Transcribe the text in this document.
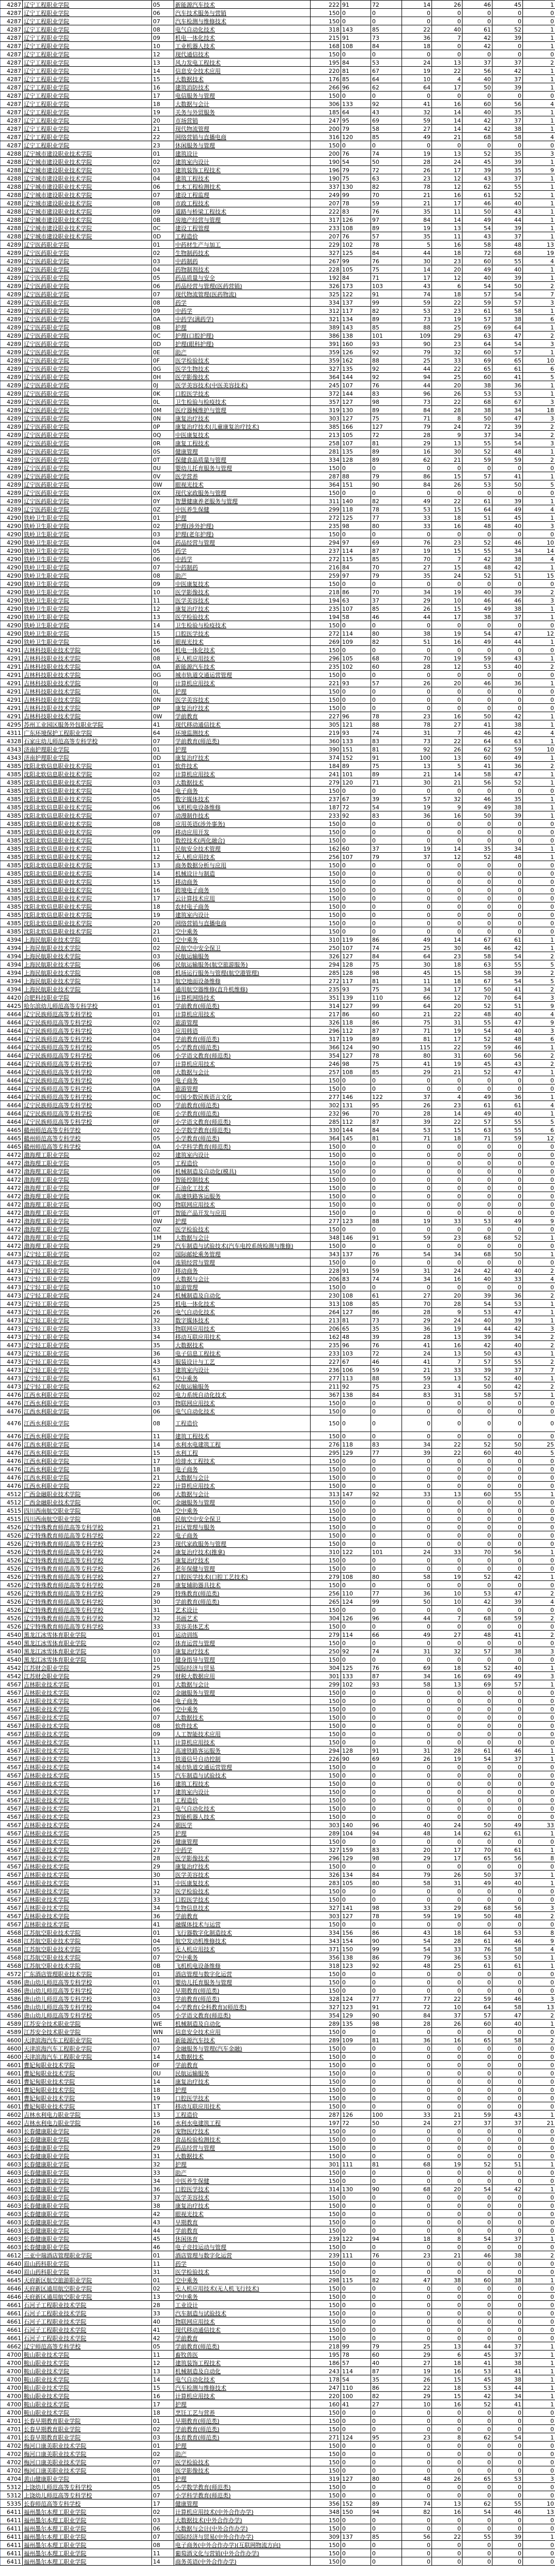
4287	辽宁工程职业学院	05	新能源汽车技术	222	91	72	14	26	46	45	1
4287	辽宁工程职业学院	06	汽车技术服务与营销	150	0	0	0	0	0	0	0
4287	辽宁工程职业学院	07	汽车检测与维修技术	150	0	0	0	0	0	0	0
4287	辽宁工程职业学院	08	电气自动化技术	318	143	85	22	40	61	52	1
4287	辽宁工程职业学院	09	机电一体化技术	215	91	73	36	7	42	39	1
4287	辽宁工程职业学院	10	工业机器人技术	168	108	84	18	0	42	0	1
4287	辽宁工程职业学院	12	现代通信技术	150	0	0	0	0	0	0	0
4287	辽宁工程职业学院	13	风力发电工程技术	195	84	53	24	13	37	37	2
4287	辽宁工程职业学院	14	信息安全技术应用	220	81	67	19	22	56	42	1
4287	辽宁工程职业学院	15	大数据技术	176	85	64	10	4	40	37	1
4287	辽宁工程职业学院	16	建筑消防技术	266	96	62	64	17	50	39	1
4287	辽宁工程职业学院	17	电信服务与管理	150	0	0	0	0	0	0	0
4287	辽宁工程职业学院	18	大数据与会计	306	133	92	41	16	60	56	4
4287	辽宁工程职业学院	19	关务与外贸服务	185	64	43	32	14	40	35	1
4287	辽宁工程职业学院	20	市场营销	247	95	69	59	14	42	37	1
4287	辽宁工程职业学院	21	现代物流管理	200	79	58	27	14	42	38	1
4287	辽宁工程职业学院	22	网络营销与直播电商	316	120	85	49	21	68	58	4
4287	辽宁工程职业学院	23	休闲服务与管理	150	0	0	0	0	0	0	0
4288	辽宁城市建设职业技术学院	01	建筑设计	200	76	74	19	13	52	35	3
4288	辽宁城市建设职业技术学院	02	建筑室内设计	190	54	50	28	24	45	39	1
4288	辽宁城市建设职业技术学院	03	建筑装饰工程技术	196	79	72	26	17	39	35	9
4288	辽宁城市建设职业技术学院	04	建筑工程技术	190	75	63	23	12	43	37	1
4288	辽宁城市建设职业技术学院	06	土木工程检测技术	337	130	82	78	12	62	55	1
4288	辽宁城市建设职业技术学院	07	建设工程监理	249	99	70	21	16	61	52	1
4288	辽宁城市建设职业技术学院	08	市政工程技术	207	78	59	21	17	46	40	1
4288	辽宁城市建设职业技术学院	09	道路与桥梁工程技术	222	83	76	35	11	50	43	1
4288	辽宁城市建设职业技术学院	0B	房地产经营与管理	317	126	97	84	14	49	44	1
4288	辽宁城市建设职业技术学院	0C	建设工程管理	233	108	89	19	13	54	39	1
4288	辽宁城市建设职业技术学院	0D	工程造价	207	76	57	35	11	43	37	1
4289	辽宁医药职业学院	01	中药材生产与加工	229	102	78	5	16	58	48	13
4289	辽宁医药职业学院	02	生物制药技术	327	125	84	44	18	72	68	19
4289	辽宁医药职业学院	03	中药制药	267	99	76	30	23	60	55	4
4289	辽宁医药职业学院	04	药物制剂技术	228	105	75	14	20	49	40	1
4289	辽宁医药职业学院	05	药品质量与安全	192	84	71	17	12	40	39	1
4289	辽宁医药职业学院	06	药品经营与管理(医药营销)	326	173	103	43	6	54	50	2
4289	辽宁医药职业学院	07	现代物流管理(医药物流)	325	122	91	74	18	57	54	7
4289	辽宁医药职业学院	08	药学	334	137	99	59	22	59	57	3
4289	辽宁医药职业学院	09	中药学	312	117	82	53	23	61	58	1
4289	辽宁医药职业学院	0A	中药学(满药学)	321	134	89	73	19	57	38	6
4289	辽宁医药职业学院	0B	护理	389	143	85	88	25	69	64	1
4289	辽宁医药职业学院	0C	护理(口腔护理)	386	138	101	109	29	63	47	2
4289	辽宁医药职业学院	0D	护理(眼科护理)	391	160	93	90	23	64	54	3
4289	辽宁医药职业学院	0E	助产	359	126	92	79	32	60	57	1
4289	辽宁医药职业学院	0F	医学检验技术	359	162	88	25	33	69	65	10
4289	辽宁医药职业学院	0G	医学生物技术	327	135	92	44	22	65	61	6
4289	辽宁医药职业学院	0H	医学影像技术	364	144	92	94	25	60	41	5
4289	辽宁医药职业学院	0J	医学美容技术(中医美容技术)	245	107	76	44	20	38	36	1
4289	辽宁医药职业学院	0K	口腔医学技术	372	144	83	96	26	53	53	1
4289	辽宁医药职业学院	0L	卫生检验与检疫技术	357	127	98	73	22	68	67	3
4289	辽宁医药职业学院	0M	医疗器械维护与管理	319	130	89	84	28	38	34	18
4289	辽宁医药职业学院	0N	康复治疗技术	303	127	75	71	8	50	47	3
4289	辽宁医药职业学院	0P	康复治疗技术(儿童康复治疗技术)	385	166	127	79	24	72	39	2
4289	辽宁医药职业学院	0Q	中医康复技术	213	105	72	28	9	37	34	2
4289	辽宁医药职业学院	0R	康复工程技术	258	107	81	29	13	55	54	3
4289	辽宁医药职业学院	0S	健康管理	281	135	89	16	30	52	48	1
4289	辽宁医药职业学院	0T	保健食品质量与管理	334	128	89	62	21	59	59	2
4289	辽宁医药职业学院	0U	婴幼儿托育服务与管理	150	0	0	0	0	0	0	0
4289	辽宁医药职业学院	0V	医学营养	287	88	79	86	15	57	41	1
4289	辽宁医药职业学院	0W	眼视光技术	364	151	90	84	26	53	50	5
4289	辽宁医药职业学院	0X	现代家政服务与管理	150	0	0	0	0	0	0	0
4289	辽宁医药职业学院	0Y	智慧健康养老服务与管理	311	140	82	49	22	61	39	1
4289	辽宁医药职业学院	0Z	中医养生保健	299	118	78	53	15	64	49	4
4290	铁岭卫生职业学院	01	护理	272	125	77	33	18	51	45	1
4290	铁岭卫生职业学院	02	护理(涉外护理)	235	98	80	33	16	48	40	3
4290	铁岭卫生职业学院	03	护理(老年护理)	150	0	0	0	0	0	0	0
4290	铁岭卫生职业学院	04	药品经营与管理	294	97	69	76	23	52	46	10
4290	铁岭卫生职业学院	05	药学	237	114	87	19	15	55	34	14
4290	铁岭卫生职业学院	06	中药学	272	115	85	70	7	42	38	4
4290	铁岭卫生职业学院	07	中药制药	216	84	70	27	15	48	42	1
4290	铁岭卫生职业学院	08	助产	259	97	79	35	24	52	51	15
4290	铁岭卫生职业学院	09	中医康复技术	150	0	0	0	0	0	0	0
4290	铁岭卫生职业学院	10	医学影像技术	218	86	70	34	19	40	39	2
4290	铁岭卫生职业学院	11	医学美容技术	194	63	37	29	10	46	46	3
4290	铁岭卫生职业学院	12	康复治疗技术	235	107	85	26	15	49	38	1
4290	铁岭卫生职业学院	13	医学检验技术	194	58	46	44	17	38	37	1
4290	铁岭卫生职业学院	14	卫生检验与检疫技术	150	0	0	0	0	0	0	0
4290	铁岭卫生职业学院	15	口腔医学技术	272	114	80	38	19	54	47	12
4290	铁岭卫生职业学院	16	眼视光技术	269	109	82	51	16	49	44	1
4291	吉林科技职业技术学院	06	机电一体化技术	150	0	0	0	0	0	0	0
4291	吉林科技职业技术学院	08	无人机应用技术	296	105	68	70	19	59	43	1
4291	吉林科技职业技术学院	0A	新能源汽车技术	235	102	60	28	12	53	40	2
4291	吉林科技职业技术学院	0G	城市轨道交通运营管理	150	0	0	0	0	0	0	0
4291	吉林科技职业技术学院	0J	计算机应用技术	221	93	57	26	20	46	36	1
4291	吉林科技职业技术学院	0L	护理	150	0	0	0	0	0	0	0
4291	吉林科技职业技术学院	0N	医学美容技术	150	0	0	0	0	0	0	0
4291	吉林科技职业技术学院	0P	康复治疗技术	150	0	0	0	0	0	0	0
4291	吉林科技职业技术学院	0W	学前教育	227	96	78	23	16	50	42	1
4295	苏州工业园区服务外包职业学院	41	现代移动通信技术	305	121	88	78	27	41	38	1
4311	广东环境保护工程职业学院	64	环境监测技术	219	93	74	31	7	46	42	4
4328	石家庄幼儿师范高等专科学校	07	学前教育(师范类)	360	133	83	73	22	64	63	1
4343	济南护理职业学院	01	护理	390	151	81	92	26	62	59	10
4343	济南护理职业学院	0D	康复治疗技术	374	152	91	100	13	60	49	1
4385	沈阳北软信息职业技术学院	01	软件技术	184	89	75	13	5	41	36	2
4385	沈阳北软信息职业技术学院	02	计算机应用技术	241	101	89	21	14	58	47	1
4385	沈阳北软信息职业技术学院	03	大数据技术	279	120	71	30	21	56	52	1
4385	沈阳北软信息职业技术学院	04	电子商务	150	0	0	0	0	0	0	0
4385	沈阳北软信息职业技术学院	05	数字媒体技术	237	67	39	57	32	46	35	1
4385	沈阳北软信息职业技术学院	06	飞机机电设备维修	187	72	54	19	9	49	38	1
4385	沈阳北软信息职业技术学院	07	动漫制作技术	233	92	83	36	16	50	39	1
4385	沈阳北软信息职业技术学院	08	应用英语(涉外事务)	150	0	0	0	0	0	0	0
4385	沈阳北软信息职业技术学院	09	移动应用开发	150	0	0	0	0	0	0	0
4385	沈阳北软信息职业技术学院	10	数控技术(两化融合)	150	0	0	0	0	0	0	0
4385	沈阳北软信息职业技术学院	11	民航安全技术管理	162	60	37	19	14	35	34	1
4385	沈阳北软信息职业技术学院	12	无人机应用技术	256	107	79	37	12	52	48	1
4385	沈阳北软信息职业技术学院	13	商务数据分析与应用	150	0	0	0	0	0	0	0
4385	沈阳北软信息职业技术学院	14	机械设计与制造	150	0	0	0	0	0	0	0
4385	沈阳北软信息职业技术学院	15	移动商务	150	0	0	0	0	0	0	0
4385	沈阳北软信息职业技术学院	16	跨境电子商务	150	0	0	0	0	0	0	0
4385	沈阳北软信息职业技术学院	17	云计算技术应用	150	0	0	0	0	0	0	0
4385	沈阳北软信息职业技术学院	18	农村电子商务	150	0	0	0	0	0	0	0
4385	沈阳北软信息职业技术学院	19	建筑室内设计	150	0	0	0	0	0	0	0
4385	沈阳北软信息职业技术学院	20	网络营销与直播电商	150	0	0	0	0	0	0	0
4385	沈阳北软信息职业技术学院	21	空中乘务	150	0	0	0	0	0	0	0
4394	上海民航职业技术学院	01	空中乘务	310	119	86	49	14	67	61	1
4394	上海民航职业技术学院	02	民航空中安全保卫	250	107	74	25	30	46	42	1
4394	上海民航职业技术学院	03	民航运输服务	326	127	84	64	23	58	54	2
4394	上海民航职业技术学院	06	民航运输服务(航空旅游服务)	294	128	75	30	18	63	55	5
4394	上海民航职业技术学院	08	机场运行服务与管理(航空港管理)	285	128	98	45	15	58	39	2
4394	上海民航职业技术学院	13	航空地面设备维修	272	117	81	11	18	67	54	5
4394	上海民航职业技术学院	14	通用航空器维修(直升机维修)	235	93	75	34	17	50	41	2
4420	合肥科技职业学院	16	计算机网络技术	351	139	110	66	12	70	64	3
4425	哈尔滨幼儿师范高等专科学校	01	学前教育(师范类)	314	127	99	64	20	52	51	9
4464	辽宁民族师范高等专科学校	01	计算机应用技术	217	86	60	21	22	48	40	4
4464	辽宁民族师范高等专科学校	02	旅游管理	326	118	86	75	31	55	47	9
4464	辽宁民族师范高等专科学校	03	应用韩语	296	112	87	71	19	54	40	3
4464	辽宁民族师范高等专科学校	04	学前教育(师范类)	317	119	89	81	17	52	48	6
4464	辽宁民族师范高等专科学校	05	小学教育(师范类)	366	124	90	115	22	59	46	1
4464	辽宁民族师范高等专科学校	06	小学语文教育(师范类)	354	127	78	80	31	60	56	2
4464	辽宁民族师范高等专科学校	07	计算机应用技术	246	98	75	41	19	45	43	2
4464	辽宁民族师范高等专科学校	08	大数据与会计	257	108	85	29	21	52	47	1
4464	辽宁民族师范高等专科学校	09	电子商务	150	0	0	0	0	0	0	0
4464	辽宁民族师范高等专科学校	0A	旅游管理	150	0	0	0	0	0	0	0
4464	辽宁民族师范高等专科学校	0C	中国少数民族语言文化	277	146	122	37	4	49	36	1
4464	辽宁民族师范高等专科学校	0D	学前教育(师范类)	302	131	95	26	23	61	61	4
4464	辽宁民族师范高等专科学校	0E	小学教育(师范类)	232	96	70	28	14	49	40	1
4464	辽宁民族师范高等专科学校	0F	小学语文教育(师范类)	285	112	87	39	22	57	55	5
4465	赣州师范高等专科学校	02	小学数学教育(师范类)	330	144	84	53	15	63	55	6
4465	赣州师范高等专科学校	05	小学教育(师范类)	364	145	81	71	18	71	59	12
4465	赣州师范高等专科学校	0A	小学科学教育(师范类)	150	0	0	0	0	0	0	0
4472	渤海理工职业学院	02	建筑室内设计	150	0	0	0	0	0	0	0
4472	渤海理工职业学院	05	工程造价	150	0	0	0	0	0	0	0
4472	渤海理工职业学院	06	机械制造及自动化(模具)	150	0	0	0	0	0	0	0
4472	渤海理工职业学院	09	智能控制技术	150	0	0	0	0	0	0	0
4472	渤海理工职业学院	0F	石油化工技术	150	0	0	0	0	0	0	0
4472	渤海理工职业学院	0K	高速铁路客运服务	150	0	0	0	0	0	0	0
4472	渤海理工职业学院	0Q	物联网应用技术	150	0	0	0	0	0	0	0
4472	渤海理工职业学院	0T	智能产品开发与应用	150	0	0	0	0	0	0	0
4472	渤海理工职业学院	0W	护理	277	123	88	19	33	53	49	9
4472	渤海理工职业学院	0Z	医学检验技术	150	0	0	0	0	0	0	0
4472	渤海理工职业学院	1M	大数据与会计	348	146	91	59	23	68	52	1
4472	渤海理工职业学院	29	汽车制造与试验技术(汽车电控系统检测与维修)	150	0	0	0	0	0	0	0
4473	辽宁轻工职业学院	02	国际邮轮乘务管理	343	137	76	54	34	68	50	1
4473	辽宁轻工职业学院	04	连锁经营与管理	150	0	0	0	0	0	0	0
4473	辽宁轻工职业学院	07	移动商务	228	91	59	31	24	42	40	2
4473	辽宁轻工职业学院	09	大数据与会计	206	83	74	34	16	40	33	4
4473	辽宁轻工职业学院	10	旅游管理	150	0	0	0	0	0	0	0
4473	辽宁轻工职业学院	24	机械制造及自动化	230	108	61	27	20	39	36	2
4473	辽宁轻工职业学院	25	机电一体化技术	313	108	85	70	28	54	53	1
4473	辽宁轻工职业学院	26	电气自动化技术	264	127	86	28	9	53	47	1
4473	辽宁轻工职业学院	32	数字媒体技术	213	81	73	29	24	40	39	1
4473	辽宁轻工职业学院	33	物联网应用技术	206	65	35	36	19	44	42	3
4473	辽宁轻工职业学院	34	移动互联应用技术	162	48	39	28	13	39	34	2
4473	辽宁轻工职业学院	35	大数据技术	235	96	76	41	16	42	40	2
4473	辽宁轻工职业学院	36	电子信息工程技术	233	103	72	24	13	50	43	1
4473	辽宁轻工职业学院	43	服装设计与工艺	227	67	46	41	7	57	55	2
4473	辽宁轻工职业学院	53	建筑室内设计	236	106	59	21	33	39	37	7
4473	辽宁轻工职业学院	61	空中乘务	277	113	88	59	13	52	40	1
4473	辽宁轻工职业学院	62	民航运输服务	211	92	75	23	4	50	42	2
4476	江西水利职业学院	02	电力系统自动化技术	367	138	84	83	31	58	57	1
4476	江西水利职业学院	03	物联网应用技术	150	0	0	0	0	0	0	0
4476	江西水利职业学院	06	电气自动化技术	150	0	0	0	0	0	0	0
4476	江西水利职业学院	08	工程造价	150	0	0	0	0	0	0	0
4476	江西水利职业学院	11	建筑工程技术	150	0	0	0	0	0	0	0
4476	江西水利职业学院	14	水利水电建筑工程	276	118	83	34	22	52	50	25
4476	江西水利职业学院	15	水利工程	295	129	77	39	22	60	40	5
4476	江西水利职业学院	17	给排水工程技术	150	0	0	0	0	0	0	0
4476	江西水利职业学院	18	电子商务	150	0	0	0	0	0	0	0
4476	江西水利职业学院	21	大数据与会计	150	0	0	0	0	0	0	0
4476	江西水利职业学院	22	计算机应用技术	150	0	0	0	0	0	0	0
4512	广西金融职业技术学院	06	大数据与会计	313	147	92	33	13	60	55	1
4512	广西金融职业技术学院	0C	金融服务与管理	150	0	0	0	0	0	0	0
4515	四川西南航空职业学院	0A	空中乘务	150	0	0	0	0	0	0	0
4515	四川西南航空职业学院	0B	民航空中安全保卫	150	0	0	0	0	0	0	0
4526	辽宁特殊教育师范高等专科学校	21	社区管理与服务	150	0	0	0	0	0	0	0
4526	辽宁特殊教育师范高等专科学校	22	电子商务	150	0	0	0	0	0	0	0
4526	辽宁特殊教育师范高等专科学校	23	现代家政服务与管理	150	0	0	0	0	0	0	0
4526	辽宁特殊教育师范高等专科学校	24	康复治疗技术(推拿)	310	122	101	24	33	70	56	1
4526	辽宁特殊教育师范高等专科学校	25	康复治疗技术	150	0	0	0	0	0	0	0
4526	辽宁特殊教育师范高等专科学校	26	老年保健与管理	150	0	0	0	0	0	0	0
4526	辽宁特殊教育师范高等专科学校	27	口腔医学技术(口腔工艺技术)	279	108	80	58	19	52	42	1
4526	辽宁特殊教育师范高等专科学校	28	康复辅助器具技术	150	0	0	0	0	0	0	0
4526	辽宁特殊教育师范高等专科学校	29	特殊教育(师范类)	256	110	77	36	10	53	47	2
4526	辽宁特殊教育师范高等专科学校	30	学前教育(师范类)	265	124	99	50	10	42	39	4
4526	辽宁特殊教育师范高等专科学校	31	艺术设计	150	0	0	0	0	0	0	0
4526	辽宁特殊教育师范高等专科学校	32	书画艺术	304	126	96	44	7	68	59	2
4526	辽宁特殊教育师范高等专科学校	33	美容美体艺术	150	0	0	0	0	0	0	0
4540	黑龙江冰雪体育职业学院	01	运动训练	279	114	66	49	27	48	41	2
4540	黑龙江冰雪体育职业学院	02	体育运营与管理	150	0	0	0	0	0	0	0
4540	黑龙江冰雪体育职业学院	03	康复治疗技术	250	92	74	31	32	57	38	3
4540	黑龙江冰雪体育职业学院	10	健身指导与管理	150	0	0	0	0	0	0	0
4542	江苏财会职业学院	25	国际经济与贸易	304	125	76	69	18	52	40	1
4542	江苏财会职业学院	29	财税大数据应用	301	133	87	34	16	69	49	3
4567	吉林职业技术学院	01	大数据与会计	299	102	93	58	13	69	57	1
4567	吉林职业技术学院	02	金融服务与管理	150	0	0	0	0	0	0	0
4567	吉林职业技术学院	04	电子商务	150	0	0	0	0	0	0	0
4567	吉林职业技术学院	06	空中乘务	150	0	0	0	0	0	0	0
4567	吉林职业技术学院	07	大数据技术	150	0	0	0	0	0	0	0
4567	吉林职业技术学院	08	软件技术	150	0	0	0	0	0	0	0
4567	吉林职业技术学院	09	人工智能技术应用	150	0	0	0	0	0	0	0
4567	吉林职业技术学院	11	计算机应用技术	150	0	0	0	0	0	0	0
4567	吉林职业技术学院	12	高速铁路客运服务	294	128	91	31	28	61	46	1
4567	吉林职业技术学院	13	铁道信号自动控制	226	90	69	26	19	54	37	1
4567	吉林职业技术学院	14	城市轨道交通运营管理	150	0	0	0	0	0	0	0
4567	吉林职业技术学院	15	汽车制造与试验技术	150	0	0	0	0	0	0	0
4567	吉林职业技术学院	16	建筑工程技术	150	0	0	0	0	0	0	0
4567	吉林职业技术学院	17	建筑室内设计	150	0	0	0	0	0	0	0
4567	吉林职业技术学院	18	工程造价	150	0	0	0	0	0	0	0
4567	吉林职业技术学院	21	电气自动化技术	150	0	0	0	0	0	0	0
4567	吉林职业技术学院	23	智能机器人技术	150	0	0	0	0	0	0	0
4567	吉林职业技术学院	24	朝医学	303	140	96	40	24	50	49	33
4567	吉林职业技术学院	25	护理	289	104	94	48	14	62	61	1
4567	吉林职业技术学院	26	健康管理	150	0	0	0	0	0	0	0
4567	吉林职业技术学院	27	中药学	327	159	83	20	17	70	61	1
4567	吉林职业技术学院	28	医学影像技术	296	129	98	29	17	65	56	8
4567	吉林职业技术学院	29	康复治疗技术	150	0	0	0	0	0	0	0
4567	吉林职业技术学院	30	医学美容技术	326	134	84	79	26	50	37	1
4567	吉林职业技术学院	31	中医康复技术	283	105	80	58	31	49	40	1
4567	吉林职业技术学院	32	医学检验技术	150	0	0	0	0	0	0	0
4567	吉林职业技术学院	33	口腔医学技术	150	0	0	0	0	0	0	0
4567	吉林职业技术学院	34	生物信息技术	327	141	98	33	29	68	56	3
4567	吉林职业技术学院	36	学前教育	303	127	78	59	19	50	48	2
4567	吉林职业技术学院	41	融媒体技术与运营	150	0	0	0	0	0	0	0
4568	江苏航空职业技术学院	01	飞行器数字化制造技术	334	156	86	43	18	64	53	8
4568	江苏航空职业技术学院	04	航空发动机维修技术	343	154	90	54	28	61	46	9
4568	江苏航空职业技术学院	05	无人机应用技术	371	150	99	54	33	76	58	4
4568	江苏航空职业技术学院	07	空中乘务	356	138	86	79	36	53	50	1
4568	江苏航空职业技术学院	0B	飞机机电设备维修	318	123	92	48	25	61	61	1
4572	广东酒店管理职业技术学院	01	酒店管理与数字化运营	150	0	0	0	0	0	0	0
4586	唐山幼儿师范高等专科学校	01	婴幼儿托育服务与管理	150	0	0	0	0	0	0	0
4586	唐山幼儿师范高等专科学校	02	早期教育(师范类)	150	0	0	0	0	0	0	0
4586	唐山幼儿师范高等专科学校	03	学前教育(师范类)	328	124	77	77	22	59	46	3
4586	唐山幼儿师范高等专科学校	04	小学教育(全科教育)(师范类)	327	123	91	72	10	64	58	13
4586	唐山幼儿师范高等专科学校	05	小学语文教育(师范类)	354	129	90	84	37	57	47	2
4589	江苏安全技术职业学院	WE	机械制造及自动化	289	135	98	28	26	60	40	1
4589	江苏安全技术职业学院	WN	信息安全技术应用	150	0	0	0	0	0	0	0
4600	天津滨海汽车工程职业学院	01	新能源汽车技术	289	109	81	36	16	65	58	2
4600	天津滨海汽车工程职业学院	07	金融服务与管理(汽车金融)	150	0	0	0	0	0	0	0
4600	天津滨海汽车工程职业学院	14	大数据技术	150	0	0	0	0	0	0	0
4601	曹妃甸职业技术学院	0F	学前教育	150	0	0	0	0	0	0	0
4601	曹妃甸职业技术学院	0U	民航运输服务	150	0	0	0	0	0	0	0
4601	曹妃甸职业技术学院	14	康复治疗技术	150	0	0	0	0	0	0	0
4601	曹妃甸职业技术学院	18	护理	150	0	0	0	0	0	0	0
4601	曹妃甸职业技术学院	19	口腔医学技术	150	0	0	0	0	0	0	0
4601	曹妃甸职业技术学院	1T	移动互联应用技术	150	0	0	0	0	0	0	0
4602	吉林水利电力职业学院	13	工程造价	287	126	100	33	21	59	43	1
4602	吉林水利电力职业学院	16	水利水电建筑工程	197	72	50	24	27	37	37	21
4603	长春健康职业学院	26	宠物医疗技术	150	0	0	0	0	0	0	0
4603	长春健康职业学院	28	食品检验检测技术	150	0	0	0	0	0	0	0
4603	长春健康职业学院	29	药品经营与管理	150	0	0	0	0	0	0	0
4603	长春健康职业学院	31	大数据技术	150	0	0	0	0	0	0	0
4603	长春健康职业学院	32	护理	301	111	81	68	19	52	51	1
4603	长春健康职业学院	33	助产	150	0	0	0	0	0	0	0
4603	长春健康职业学院	34	中医养生保健	150	0	0	0	0	0	0	0
4603	长春健康职业学院	36	口腔医学技术	314	130	90	68	20	54	42	1
4603	长春健康职业学院	37	医学美容技术	150	0	0	0	0	0	0	0
4603	长春健康职业学院	38	康复治疗技术	150	0	0	0	0	0	0	0
4603	长春健康职业学院	42	眼视光技术	150	0	0	0	0	0	0	0
4603	长春健康职业学院	43	早期教育	150	0	0	0	0	0	0	0
4603	长春健康职业学院	44	学前教育	150	0	0	0	0	0	0	0
4603	长春健康职业学院	45	休闲体育	239	122	94	18	8	54	37	1
4603	长春健康职业学院	46	电子竞技运动与管理	150	0	0	0	0	0	0	0
4612	三亚中瑞酒店管理职业学院	01	酒店管理与数字化运营	239	111	76	23	21	46	38	2
4640	眉山药科职业学院	11	药学	150	0	0	0	0	0	0	0
4640	眉山药科职业学院	31	医学检验技术	150	0	0	0	0	0	0	0
4645	天府新区航空旅游职业学院	01	空中乘务	298	115	82	47	38	60	38	1
4646	天府新区通用航空职业学院	02	无人机应用技术(无人机飞行技术)	150	0	0	0	0	0	0	0
4646	天府新区通用航空职业学院	13	空中乘务	150	0	0	0	0	0	0	0
4661	石河子工程职业技术学院	28	工业设计	150	0	0	0	0	0	0	0
4661	石河子工程职业技术学院	33	汽车制造与试验技术	150	0	0	0	0	0	0	0
4661	石河子工程职业技术学院	40	物联网应用技术	150	0	0	0	0	0	0	0
4661	石河子工程职业技术学院	41	现代移动通信技术	150	0	0	0	0	0	0	0
4661	石河子工程职业技术学院	42	学前教育	150	0	0	0	0	0	0	0
4662	辽宁师范高等专科学校	05	学前教育(师范类)	218	99	79	25	13	44	37	1
4700	鞍山职业技术学院	11	畜牧兽医	195	78	60	29	6	45	37	1
4700	鞍山职业技术学院	12	建筑装饰工程技术	186	57	40	27	18	41	38	1
4700	鞍山职业技术学院	13	机械制造及自动化	243	114	87	19	16	53	41	1
4700	鞍山职业技术学院	14	电气自动化技术	178	54	35	26	15	45	38	1
4700	鞍山职业技术学院	15	汽车检测与维修技术	247	110	86	22	18	53	44	1
4700	鞍山职业技术学院	16	计算机应用技术	220	100	82	29	15	42	34	1
4700	鞍山职业技术学院	17	护理	160	41	27	10	16	52	41	1
4700	鞍山职业技术学院	18	烹饪工艺与营养	150	0	0	0	0	0	0	0
4701	长春早期教育职业学院	01	早期教育(师范类)	150	0	0	0	0	0	0	0
4701	长春早期教育职业学院	02	学前教育(师范类)	150	0	0	0	0	0	0	0
4701	长春早期教育职业学院	03	体育教育(师范类)	271	124	95	23	8	62	54	1
4702	梅河口康美职业技术学院	01	护理	150	0	0	0	0	0	0	0
4702	梅河口康美职业技术学院	02	助产	150	0	0	0	0	0	0	0
4702	梅河口康美职业技术学院	07	医学检验技术	150	0	0	0	0	0	0	0
4702	梅河口康美职业技术学院	08	医学影像技术	150	0	0	0	0	0	0	0
4704	黄山健康职业学院	01	护理	319	127	80	48	26	65	53	3
5312	上饶幼儿师范高等专科学校	05	小学数学教育(师范类)	150	0	0	0	0	0	0	0
5312	上饶幼儿师范高等专科学校	07	小学科学教育(师范类)	150	0	0	0	0	0	0	0
5335	长春师范高等专科学校	17	健康管理	356	152	89	74	13	62	55	10
6411	福州墨尔本理工职业学院	02	计算机应用技术(中外合作办学)	348	150	94	82	16	54	46	13
6411	福州墨尔本理工职业学院	03	大数据技术(中外合作办学)	150	0	0	0	0	0	0	0
6411	福州墨尔本理工职业学院	06	大数据与会计(中外合作办学)	150	0	0	0	0	0	0	0
6411	福州墨尔本理工职业学院	07	国际经济与贸易(中外合作办学)	309	137	85	56	22	55	39	1
6411	福州墨尔本理工职业学院	08	电子商务(中外合作办学)(互联网物流方向)	150	0	0	0	0	0	0	0
6411	福州墨尔本理工职业学院	11	葡萄酒文化与营销(中外合作办学)	150	0	0	0	0	0	0	0
6411	福州墨尔本理工职业学院	14	商务英语(中外合作办学)	150	0	0	0	0	0	0	0
